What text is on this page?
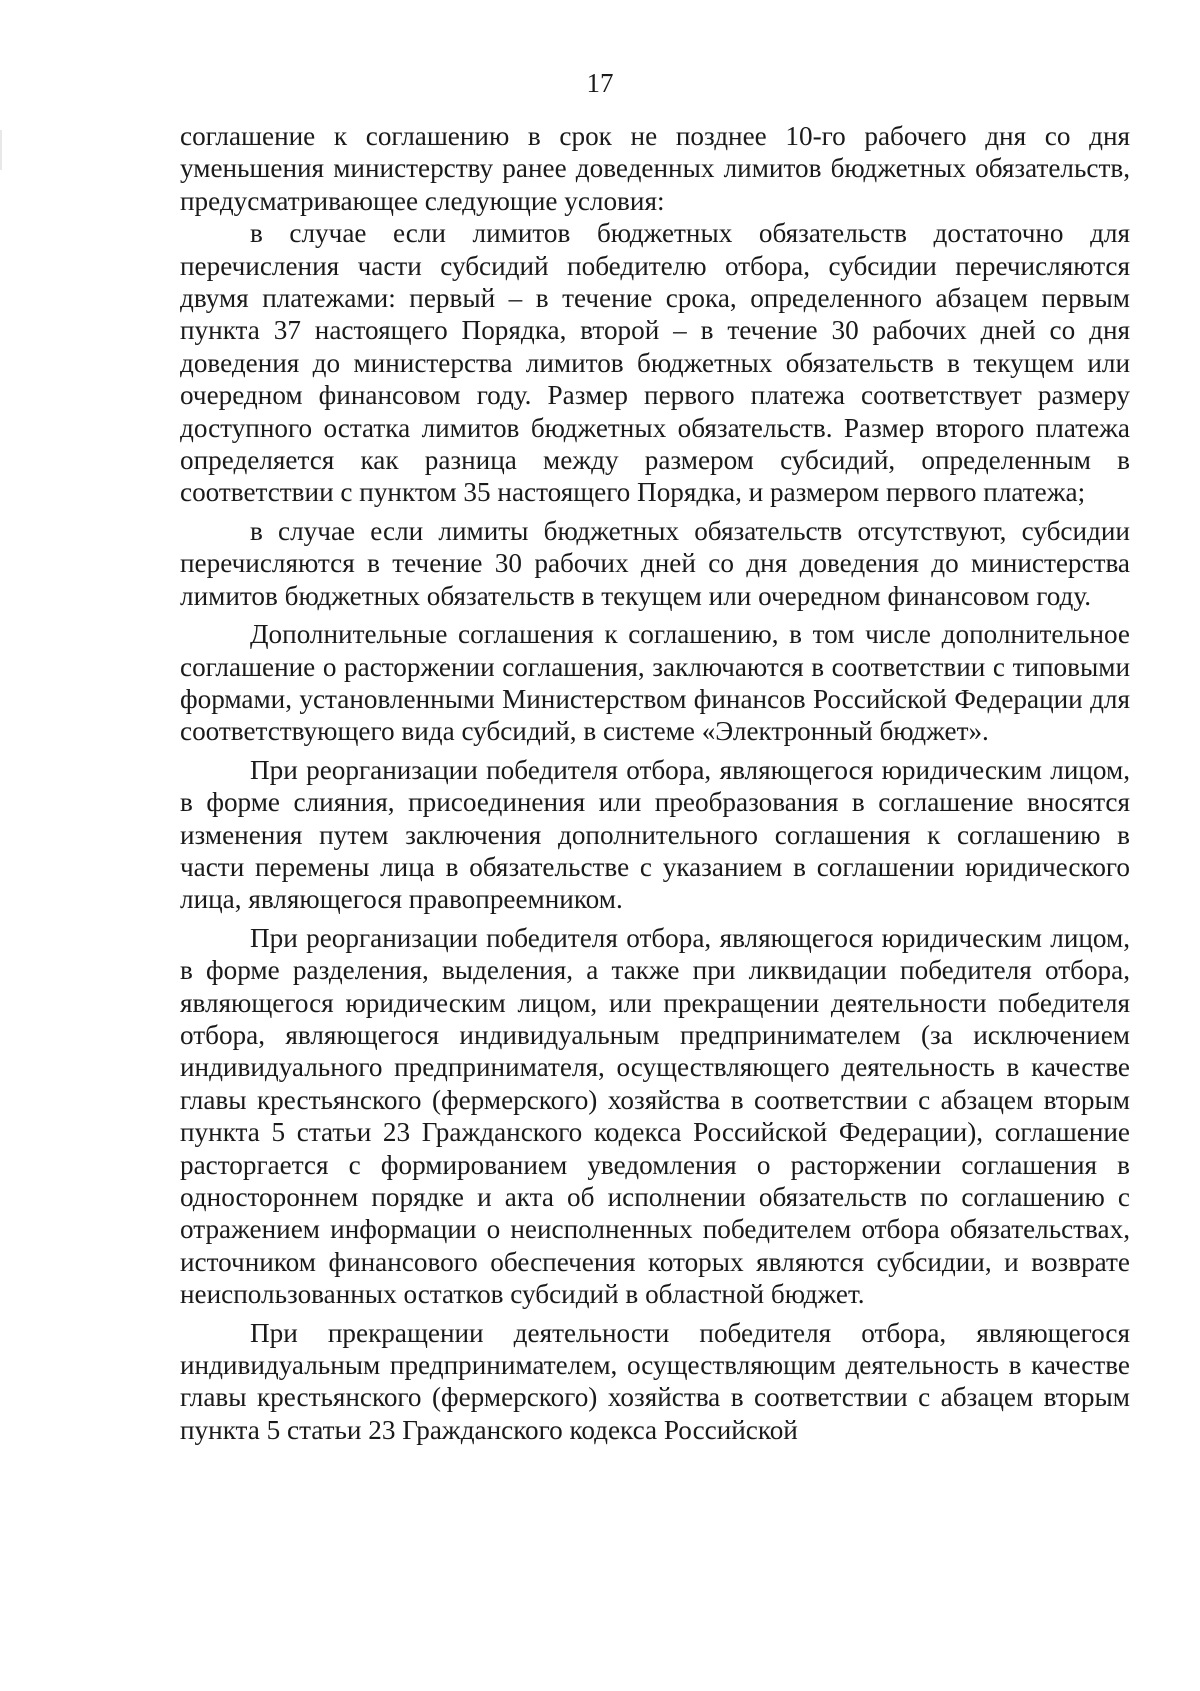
17

соглашение к соглашению в срок не позднее 10-го рабочего дня со дня уменьшения министерству ранее доведенных лимитов бюджетных обязательств, предусматривающее следующие условия:

в случае если лимитов бюджетных обязательств достаточно для перечисления части субсидий победителю отбора, субсидии перечисляются двумя платежами: первый – в течение срока, определенного абзацем первым пункта 37 настоящего Порядка, второй – в течение 30 рабочих дней со дня доведения до министерства лимитов бюджетных обязательств в текущем или очередном финансовом году. Размер первого платежа соответствует размеру доступного остатка лимитов бюджетных обязательств. Размер второго платежа определяется как разница между размером субсидий, определенным в соответствии с пунктом 35 настоящего Порядка, и размером первого платежа;

в случае если лимиты бюджетных обязательств отсутствуют, субсидии перечисляются в течение 30 рабочих дней со дня доведения до министерства лимитов бюджетных обязательств в текущем или очередном финансовом году.

Дополнительные соглашения к соглашению, в том числе дополнительное соглашение о расторжении соглашения, заключаются в соответствии с типовыми формами, установленными Министерством финансов Российской Федерации для соответствующего вида субсидий, в системе «Электронный бюджет».

При реорганизации победителя отбора, являющегося юридическим лицом, в форме слияния, присоединения или преобразования в соглашение вносятся изменения путем заключения дополнительного соглашения к соглашению в части перемены лица в обязательстве с указанием в соглашении юридического лица, являющегося правопреемником.

При реорганизации победителя отбора, являющегося юридическим лицом, в форме разделения, выделения, а также при ликвидации победителя отбора, являющегося юридическим лицом, или прекращении деятельности победителя отбора, являющегося индивидуальным предпринимателем (за исключением индивидуального предпринимателя, осуществляющего деятельность в качестве главы крестьянского (фермерского) хозяйства в соответствии с абзацем вторым пункта 5 статьи 23 Гражданского кодекса Российской Федерации), соглашение расторгается с формированием уведомления о расторжении соглашения в одностороннем порядке и акта об исполнении обязательств по соглашению с отражением информации о неисполненных победителем отбора обязательствах, источником финансового обеспечения которых являются субсидии, и возврате неиспользованных остатков субсидий в областной бюджет.

При прекращении деятельности победителя отбора, являющегося индивидуальным предпринимателем, осуществляющим деятельность в качестве главы крестьянского (фермерского) хозяйства в соответствии с абзацем вторым пункта 5 статьи 23 Гражданского кодекса Российской
